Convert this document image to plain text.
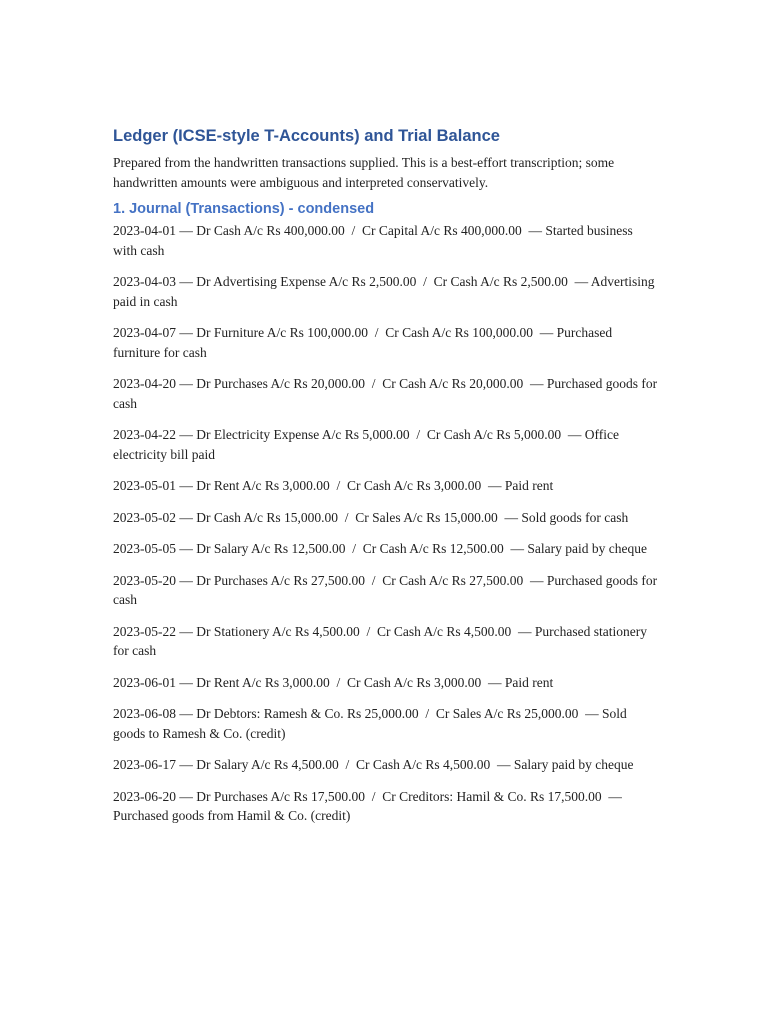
Ledger (ICSE-style T-Accounts) and Trial Balance

Prepared from the handwritten transactions supplied. This is a best-effort transcription; some handwritten amounts were ambiguous and interpreted conservatively.

1. Journal (Transactions) - condensed

2023-04-01 — Dr Cash A/c Rs 400,000.00  /  Cr Capital A/c Rs 400,000.00  — Started business with cash

2023-04-03 — Dr Advertising Expense A/c Rs 2,500.00  /  Cr Cash A/c Rs 2,500.00  — Advertising paid in cash

2023-04-07 — Dr Furniture A/c Rs 100,000.00  /  Cr Cash A/c Rs 100,000.00  — Purchased furniture for cash

2023-04-20 — Dr Purchases A/c Rs 20,000.00  /  Cr Cash A/c Rs 20,000.00  — Purchased goods for cash

2023-04-22 — Dr Electricity Expense A/c Rs 5,000.00  /  Cr Cash A/c Rs 5,000.00  — Office electricity bill paid

2023-05-01 — Dr Rent A/c Rs 3,000.00  /  Cr Cash A/c Rs 3,000.00  — Paid rent

2023-05-02 — Dr Cash A/c Rs 15,000.00  /  Cr Sales A/c Rs 15,000.00  — Sold goods for cash

2023-05-05 — Dr Salary A/c Rs 12,500.00  /  Cr Cash A/c Rs 12,500.00  — Salary paid by cheque

2023-05-20 — Dr Purchases A/c Rs 27,500.00  /  Cr Cash A/c Rs 27,500.00  — Purchased goods for cash

2023-05-22 — Dr Stationery A/c Rs 4,500.00  /  Cr Cash A/c Rs 4,500.00  — Purchased stationery for cash

2023-06-01 — Dr Rent A/c Rs 3,000.00  /  Cr Cash A/c Rs 3,000.00  — Paid rent

2023-06-08 — Dr Debtors: Ramesh & Co. Rs 25,000.00  /  Cr Sales A/c Rs 25,000.00  — Sold goods to Ramesh & Co. (credit)

2023-06-17 — Dr Salary A/c Rs 4,500.00  /  Cr Cash A/c Rs 4,500.00  — Salary paid by cheque

2023-06-20 — Dr Purchases A/c Rs 17,500.00  /  Cr Creditors: Hamil & Co. Rs 17,500.00  — Purchased goods from Hamil & Co. (credit)
